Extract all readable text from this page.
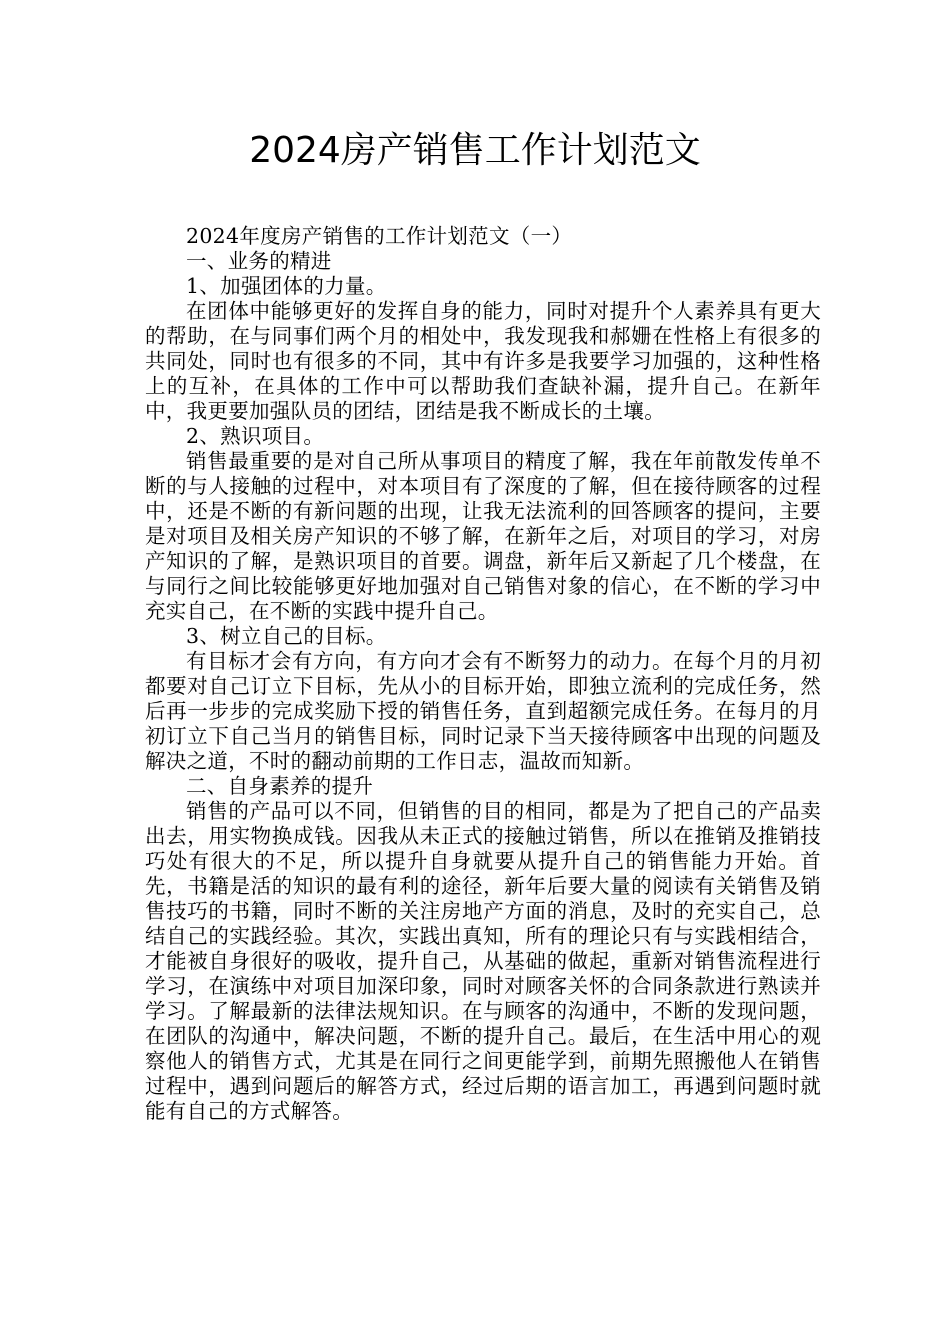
2024房产销售工作计划范文

2024年度房产销售的工作计划范文（一）

一、业务的精进

1、加强团体的力量。

在团体中能够更好的发挥自身的能力，同时对提升个人素养具有更大的帮助，在与同事们两个月的相处中，我发现我和郝姗在性格上有很多的共同处，同时也有很多的不同，其中有许多是我要学习加强的，这种性格上的互补，在具体的工作中可以帮助我们查缺补漏，提升自己。在新年中，我更要加强队员的团结，团结是我不断成长的土壤。

2、熟识项目。

销售最重要的是对自己所从事项目的精度了解，我在年前散发传单不断的与人接触的过程中，对本项目有了深度的了解，但在接待顾客的过程中，还是不断的有新问题的出现，让我无法流利的回答顾客的提问，主要是对项目及相关房产知识的不够了解，在新年之后，对项目的学习，对房产知识的了解，是熟识项目的首要。调盘，新年后又新起了几个楼盘，在与同行之间比较能够更好地加强对自己销售对象的信心，在不断的学习中充实自己，在不断的实践中提升自己。

3、树立自己的目标。

有目标才会有方向，有方向才会有不断努力的动力。在每个月的月初都要对自己订立下目标，先从小的目标开始，即独立流利的完成任务，然后再一步步的完成奖励下授的销售任务，直到超额完成任务。在每月的月初订立下自己当月的销售目标，同时记录下当天接待顾客中出现的问题及解决之道，不时的翻动前期的工作日志，温故而知新。

二、自身素养的提升

销售的产品可以不同，但销售的目的相同，都是为了把自己的产品卖出去，用实物换成钱。因我从未正式的接触过销售，所以在推销及推销技巧处有很大的不足，所以提升自身就要从提升自己的销售能力开始。首先，书籍是活的知识的最有利的途径，新年后要大量的阅读有关销售及销售技巧的书籍，同时不断的关注房地产方面的消息，及时的充实自己，总结自己的实践经验。其次，实践出真知，所有的理论只有与实践相结合，才能被自身很好的吸收，提升自己，从基础的做起，重新对销售流程进行学习，在演练中对项目加深印象，同时对顾客关怀的合同条款进行熟读并学习。了解最新的法律法规知识。在与顾客的沟通中，不断的发现问题，在团队的沟通中，解决问题，不断的提升自己。最后，在生活中用心的观察他人的销售方式，尤其是在同行之间更能学到，前期先照搬他人在销售过程中，遇到问题后的解答方式，经过后期的语言加工，再遇到问题时就能有自己的方式解答。
